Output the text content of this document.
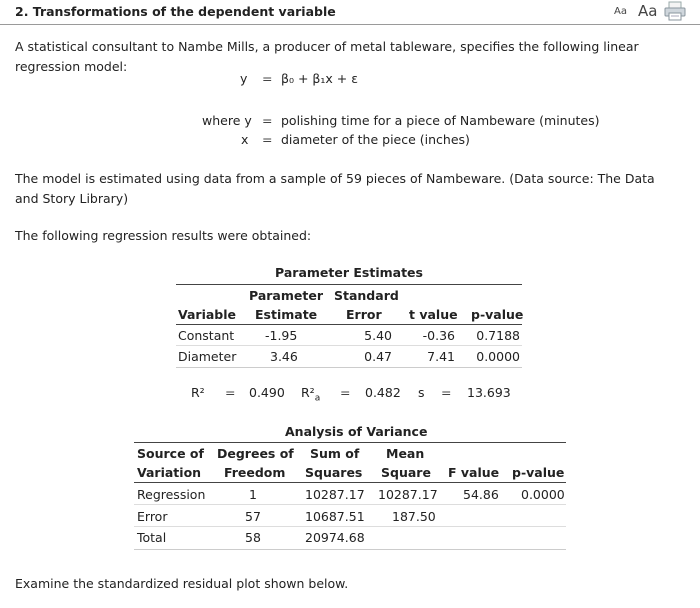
2. Transformations of the dependent variable	Aa Aa
A statistical consultant to Nambe Mills, a producer of metal tableware, specifies the following linear regression model:
y = β₀ + β₁x + ε
where y = polishing time for a piece of Nambeware (minutes)
x = diameter of the piece (inches)
The model is estimated using data from a sample of 59 pieces of Nambeware. (Data source: The Data and Story Library)
The following regression results were obtained:
Parameter Estimates
Parameter Standard
Variable Estimate Error t value p-value
Constant -1.95	5.40	-0.36	0.7188
Diameter	3.46	0.47	7.41	0.0000
R² = 0.490 $R^2_a = 0.482$ s = 13.693
Analysis of Variance
Source of Degrees of Sum of Mean
Variation Freedom Squares Square F value p-value
Regression	1	10287.17 10287.17 54.86 0.0000
Error	57	10687.51 187.50
Total	58	20974.68
Examine the standardized residual plot shown below.
